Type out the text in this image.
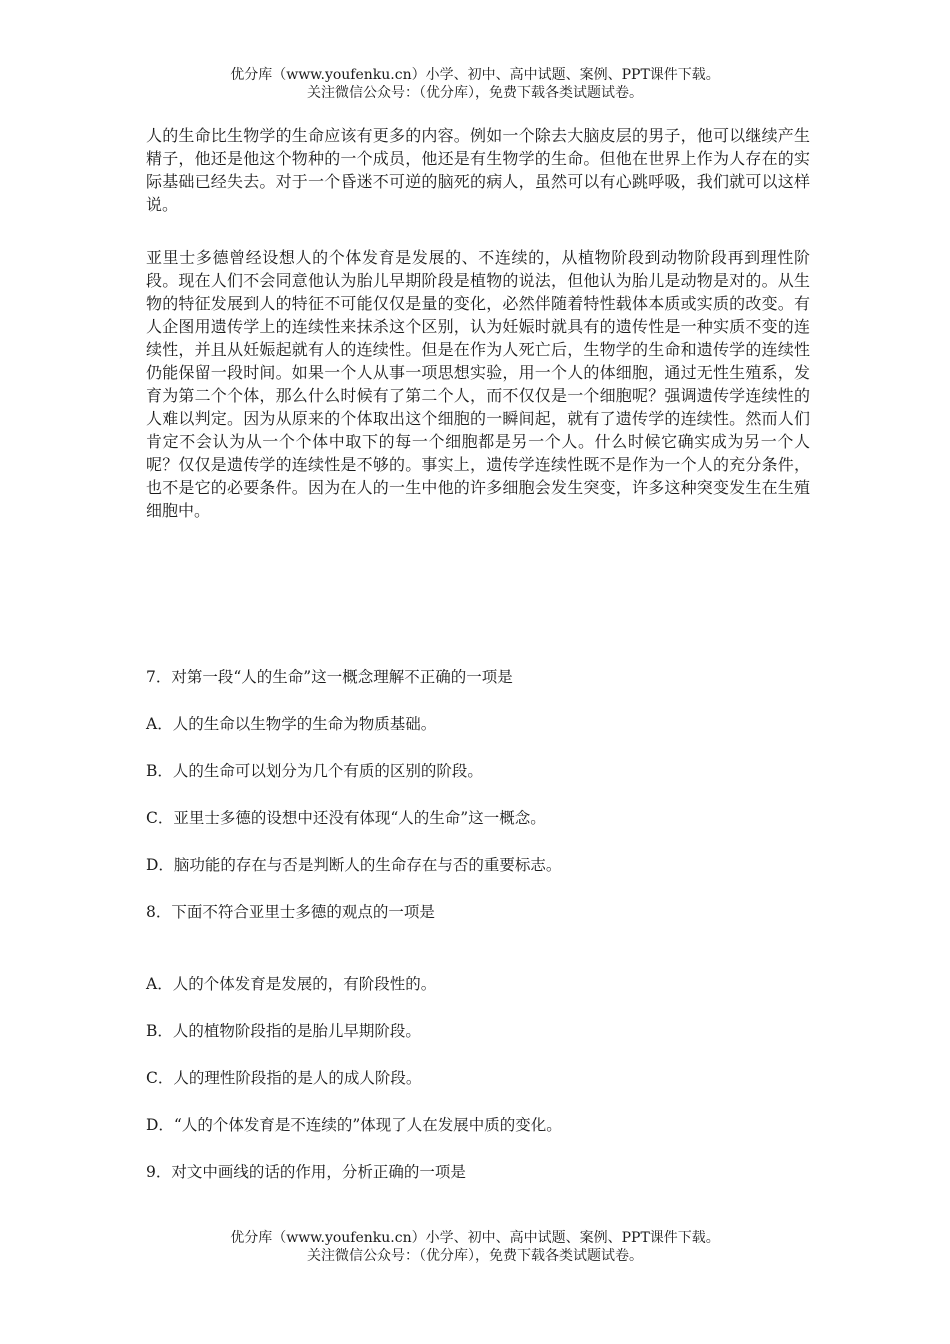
优分库（www.youfenku.cn）小学、初中、高中试题、案例、PPT课件下载。
关注微信公众号：（优分库），免费下载各类试题试卷。

人的生命比生物学的生命应该有更多的内容。例如一个除去大脑皮层的男子，他可以继续产生精子，他还是他这个物种的一个成员，他还是有生物学的生命。但他在世界上作为人存在的实际基础已经失去。对于一个昏迷不可逆的脑死的病人，虽然可以有心跳呼吸，我们就可以这样说。

亚里士多德曾经设想人的个体发育是发展的、不连续的，从植物阶段到动物阶段再到理性阶段。现在人们不会同意他认为胎儿早期阶段是植物的说法，但他认为胎儿是动物是对的。从生物的特征发展到人的特征不可能仅仅是量的变化，必然伴随着特性载体本质或实质的改变。有人企图用遗传学上的连续性来抹杀这个区别，认为妊娠时就具有的遗传性是一种实质不变的连续性，并且从妊娠起就有人的连续性。但是在作为人死亡后，生物学的生命和遗传学的连续性仍能保留一段时间。如果一个人从事一项思想实验，用一个人的体细胞，通过无性生殖系，发育为第二个个体，那么什么时候有了第二个人，而不仅仅是一个细胞呢？强调遗传学连续性的人难以判定。因为从原来的个体取出这个细胞的一瞬间起，就有了遗传学的连续性。然而人们肯定不会认为从一个个体中取下的每一个细胞都是另一个人。什么时候它确实成为另一个人呢？仅仅是遗传学的连续性是不够的。事实上，遗传学连续性既不是作为一个人的充分条件，也不是它的必要条件。因为在人的一生中他的许多细胞会发生突变，许多这种突变发生在生殖细胞中。

7．对第一段“人的生命”这一概念理解不正确的一项是

A．人的生命以生物学的生命为物质基础。

B．人的生命可以划分为几个有质的区别的阶段。

C．亚里士多德的设想中还没有体现“人的生命”这一概念。

D．脑功能的存在与否是判断人的生命存在与否的重要标志。

8．下面不符合亚里士多德的观点的一项是

A．人的个体发育是发展的，有阶段性的。

B．人的植物阶段指的是胎儿早期阶段。

C．人的理性阶段指的是人的成人阶段。

D．“人的个体发育是不连续的”体现了人在发展中质的变化。

9．对文中画线的话的作用，分析正确的一项是

优分库（www.youfenku.cn）小学、初中、高中试题、案例、PPT课件下载。
关注微信公众号：（优分库），免费下载各类试题试卷。
